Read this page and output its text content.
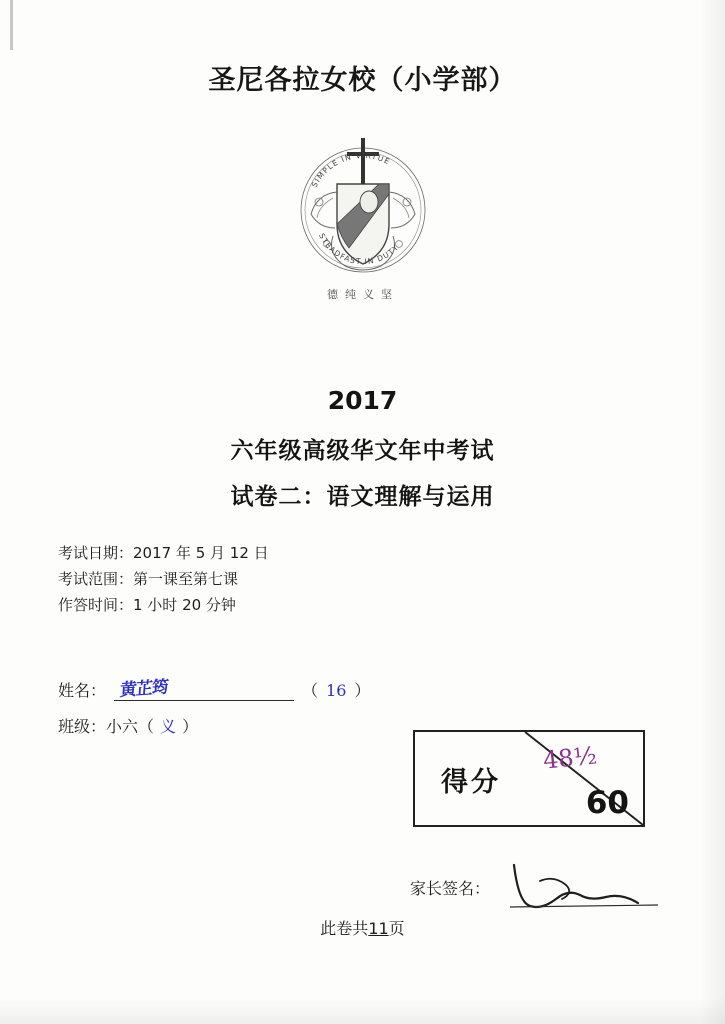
圣尼各拉女校（小学部）
SIMPLE IN VIRTUE
STEADFAST IN DUTY
德纯义坚
2017
六年级高级华文年中考试
试卷二：语文理解与运用
考试日期：2017 年 5 月 12 日
考试范围：第一课至第七课
作答时间：1 小时 20 分钟
姓名： 黄芷筠	（ 16 ）
班级： 小六 （ 义 ）
得分
48½
60
家长签名：
此卷共11页
